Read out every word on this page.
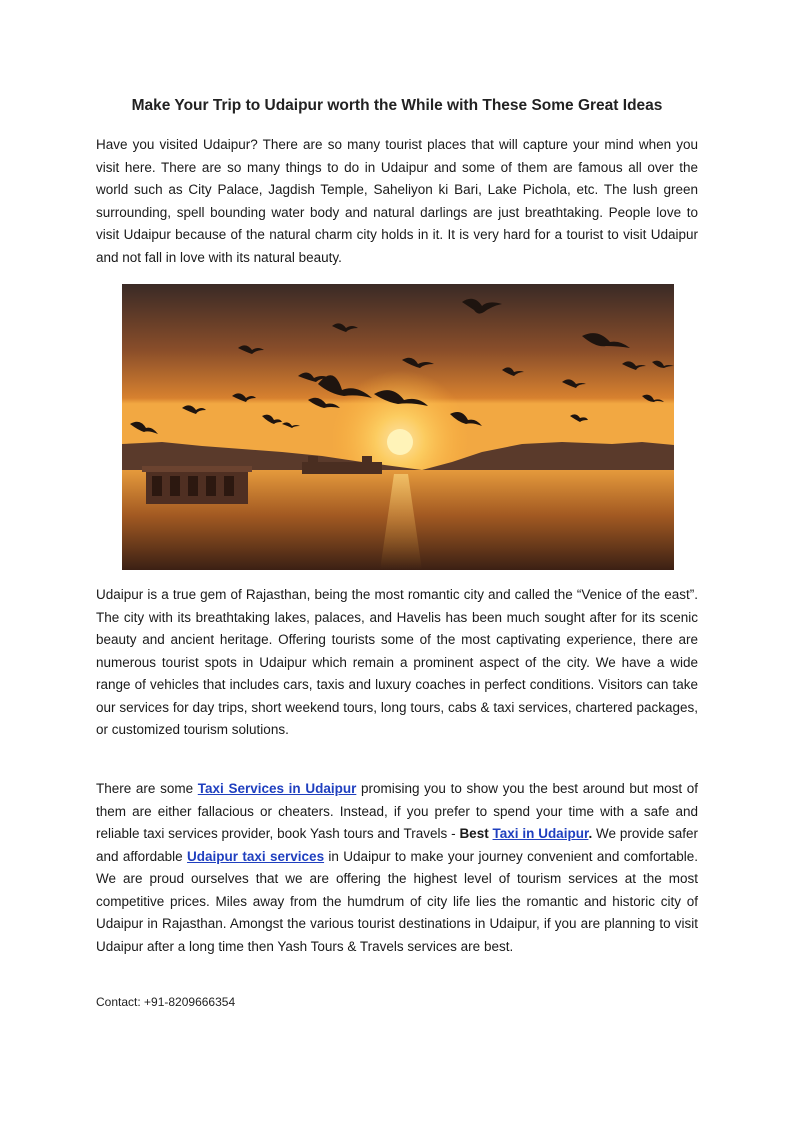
Make Your Trip to Udaipur worth the While with These Some Great Ideas

Have you visited Udaipur? There are so many tourist places that will capture your mind when you visit here. There are so many things to do in Udaipur and some of them are famous all over the world such as City Palace, Jagdish Temple, Saheliyon ki Bari, Lake Pichola, etc. The lush green surrounding, spell bounding water body and natural darlings are just breathtaking. People love to visit Udaipur because of the natural charm city holds in it. It is very hard for a tourist to visit Udaipur and not fall in love with its natural beauty.

Udaipur is a true gem of Rajasthan, being the most romantic city and called the “Venice of the east”. The city with its breathtaking lakes, palaces, and Havelis has been much sought after for its scenic beauty and ancient heritage. Offering tourists some of the most captivating experience, there are numerous tourist spots in Udaipur which remain a prominent aspect of the city. We have a wide range of vehicles that includes cars, taxis and luxury coaches in perfect conditions. Visitors can take our services for day trips, short weekend tours, long tours, cabs & taxi services, chartered packages, or customized tourism solutions.

There are some Taxi Services in Udaipur promising you to show you the best around but most of them are either fallacious or cheaters. Instead, if you prefer to spend your time with a safe and reliable taxi services provider, book Yash tours and Travels - Best Taxi in Udaipur. We provide safer and affordable Udaipur taxi services in Udaipur to make your journey convenient and comfortable. We are proud ourselves that we are offering the highest level of tourism services at the most competitive prices. Miles away from the humdrum of city life lies the romantic and historic city of Udaipur in Rajasthan. Amongst the various tourist destinations in Udaipur, if you are planning to visit Udaipur after a long time then Yash Tours & Travels services are best.

Contact: +91-8209666354
